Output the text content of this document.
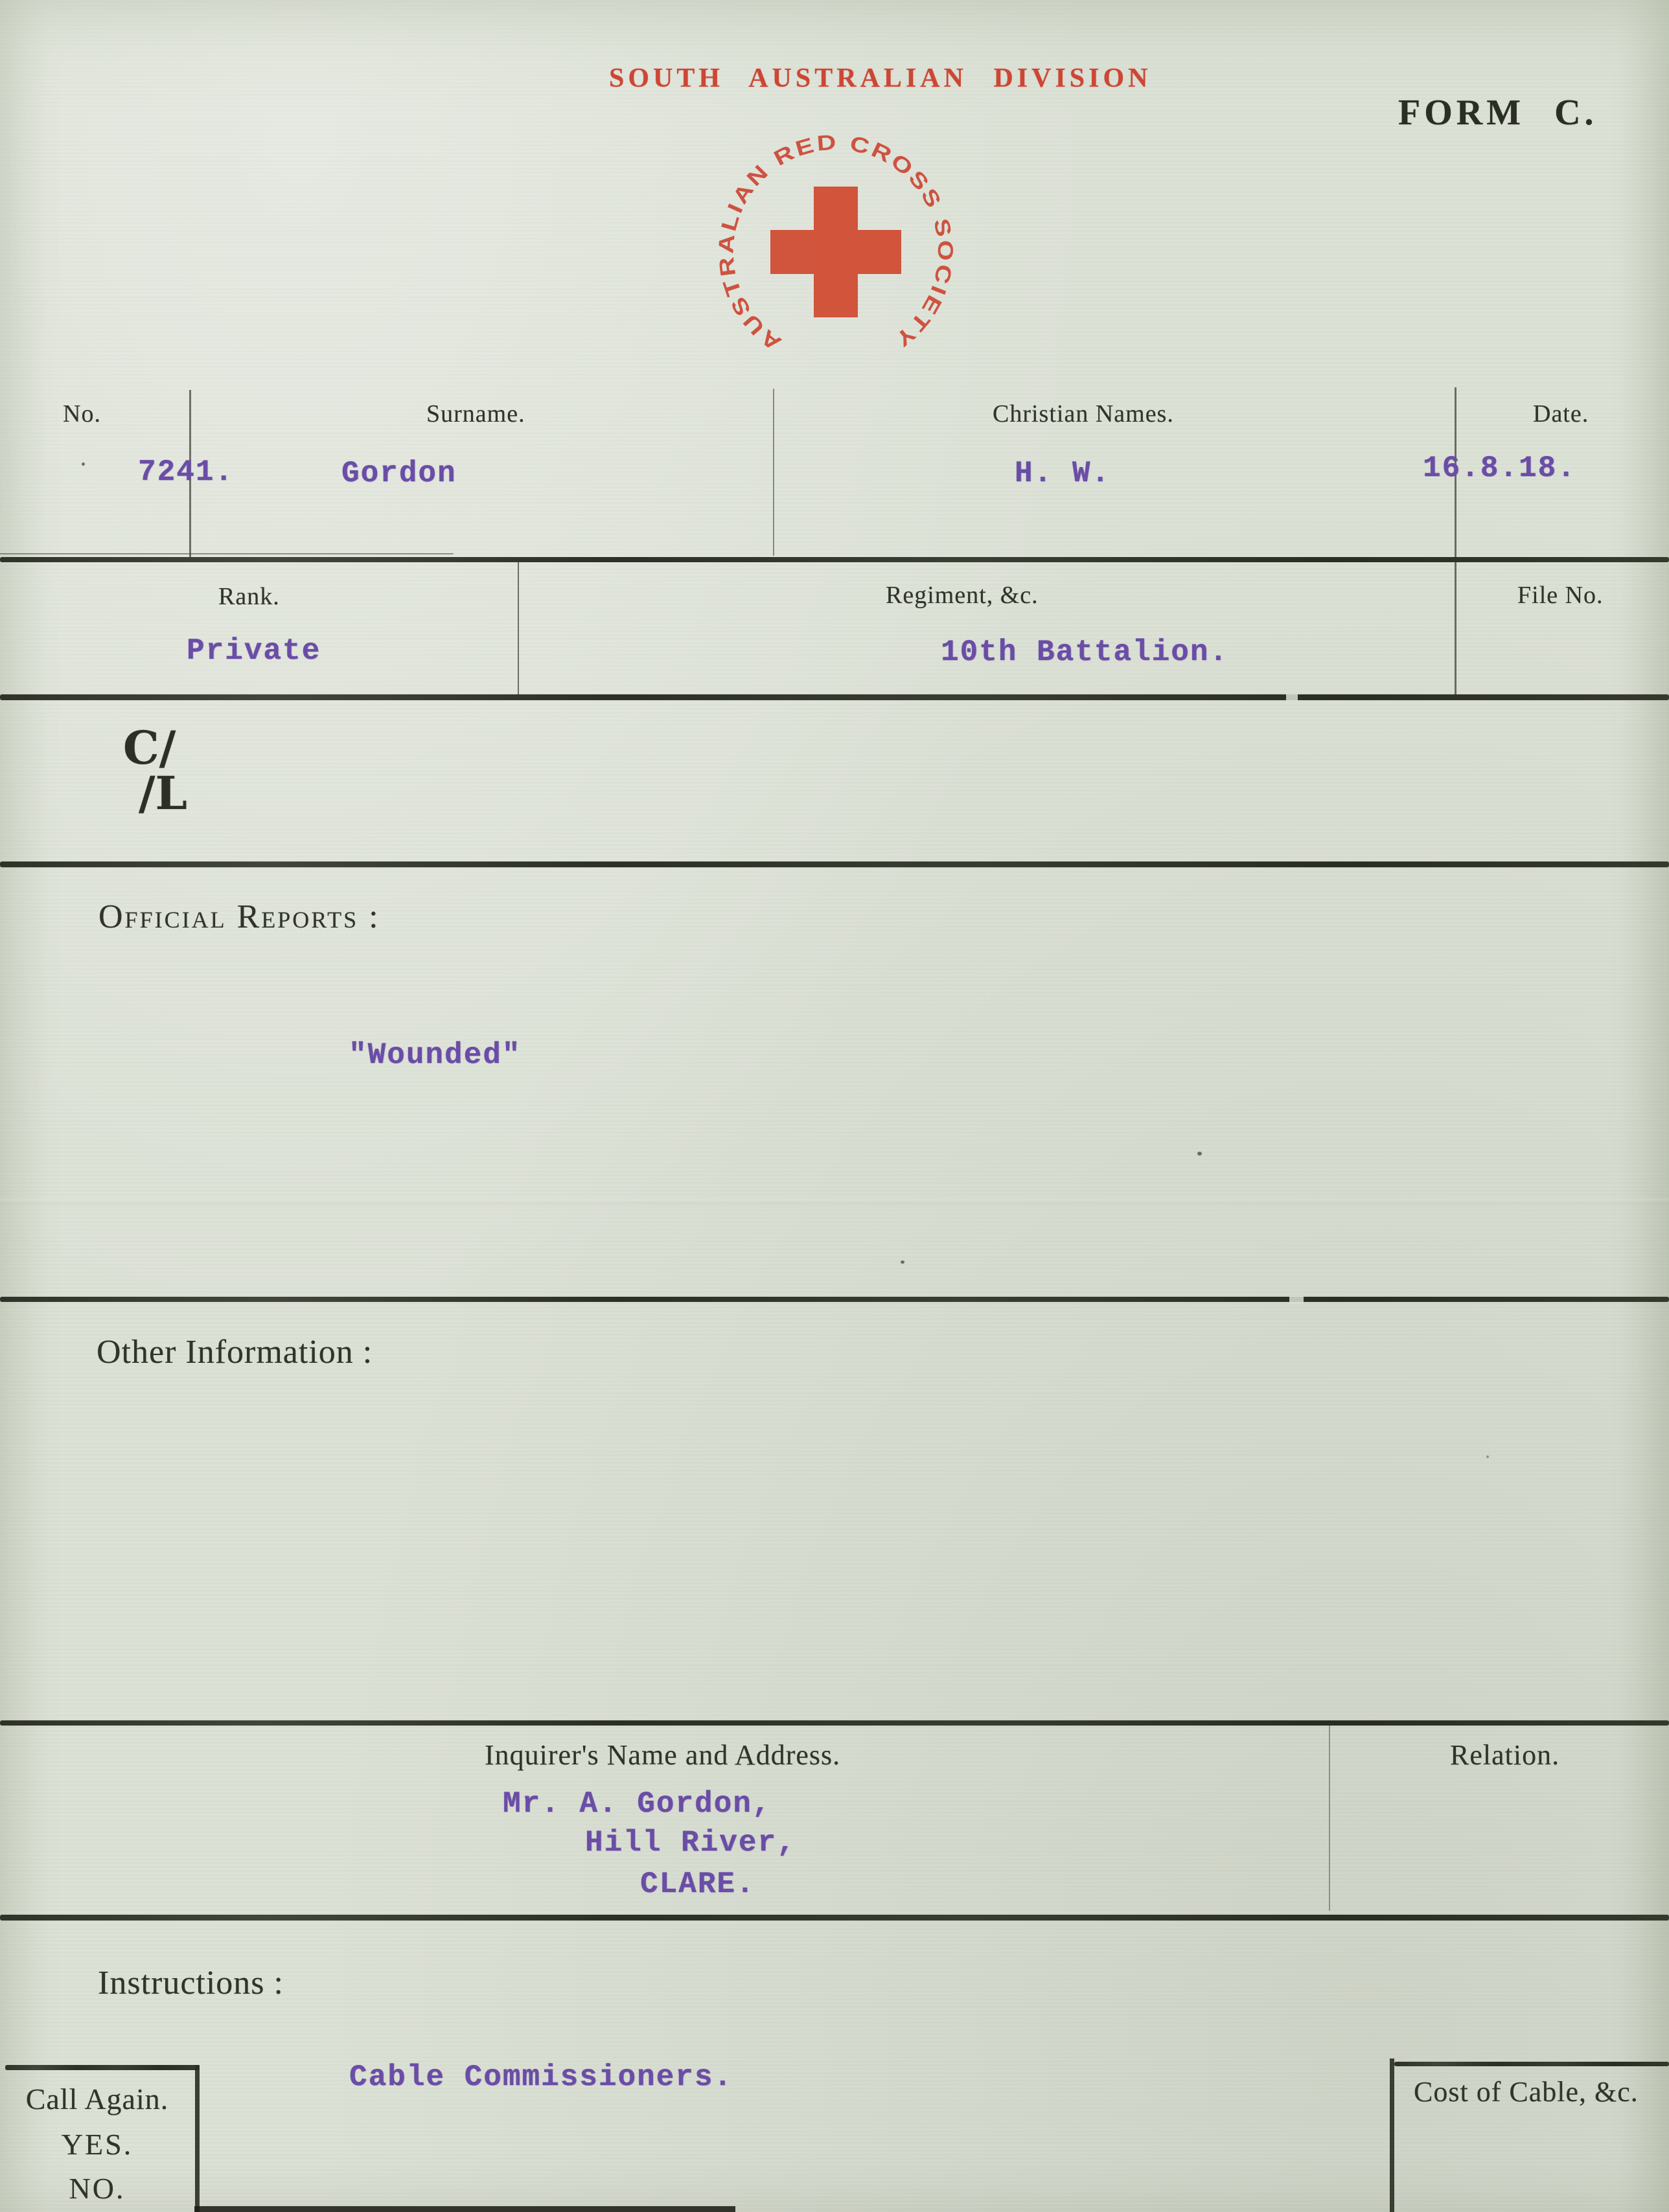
SOUTH AUSTRALIAN DIVISION
FORM C.
AUSTRALIAN RED CROSS SOCIETY
No.	Surname.	Christian Names.	Date.
7241.	Gordon	H. W.	16.8.18.
Rank.	Regiment, &c.	File No.
Private	10th Battalion.
C/
/L
Official Reports :
"Wounded"
Other Information :
Inquirer's Name and Address.	Relation.
Mr. A. Gordon,
Hill River,
CLARE.
Instructions :
Cable Commissioners.
Call Again.
YES.
NO.
Cost of Cable, &c.
